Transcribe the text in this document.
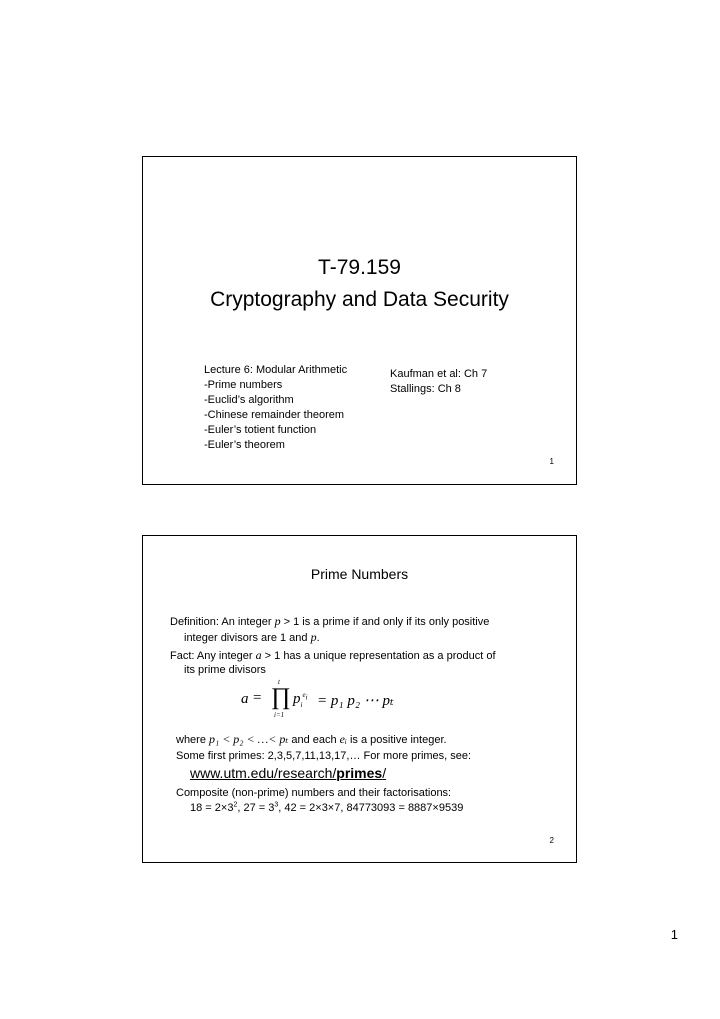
T-79.159
Cryptography and Data Security
Lecture 6: Modular Arithmetic
-Prime numbers
-Euclid’s algorithm
-Chinese remainder theorem
-Euler’s totient function
-Euler’s theorem
Kaufman et al: Ch 7
Stallings: Ch 8
1
Prime Numbers
Definition: An integer p > 1 is a prime if and only if its only positive
integer divisors are 1 and p.
Fact: Any integer a > 1 has a unique representation as a product of
its prime divisors
a = ∏
t
i=1
$p_i^{e_i} = p_1$ p₂ ⋯ pₜ
where p₁ < p₂ < …< pₜ and each eᵢ is a positive integer.
Some first primes: 2,3,5,7,11,13,17,… For more primes, see:
www.utm.edu/research/primes/
Composite (non-prime) numbers and their factorisations:
$18 = 2\times 3^2$, $27 = 3^3$, 42 = 2×3×7, 84773093 = 8887×9539
2
1
